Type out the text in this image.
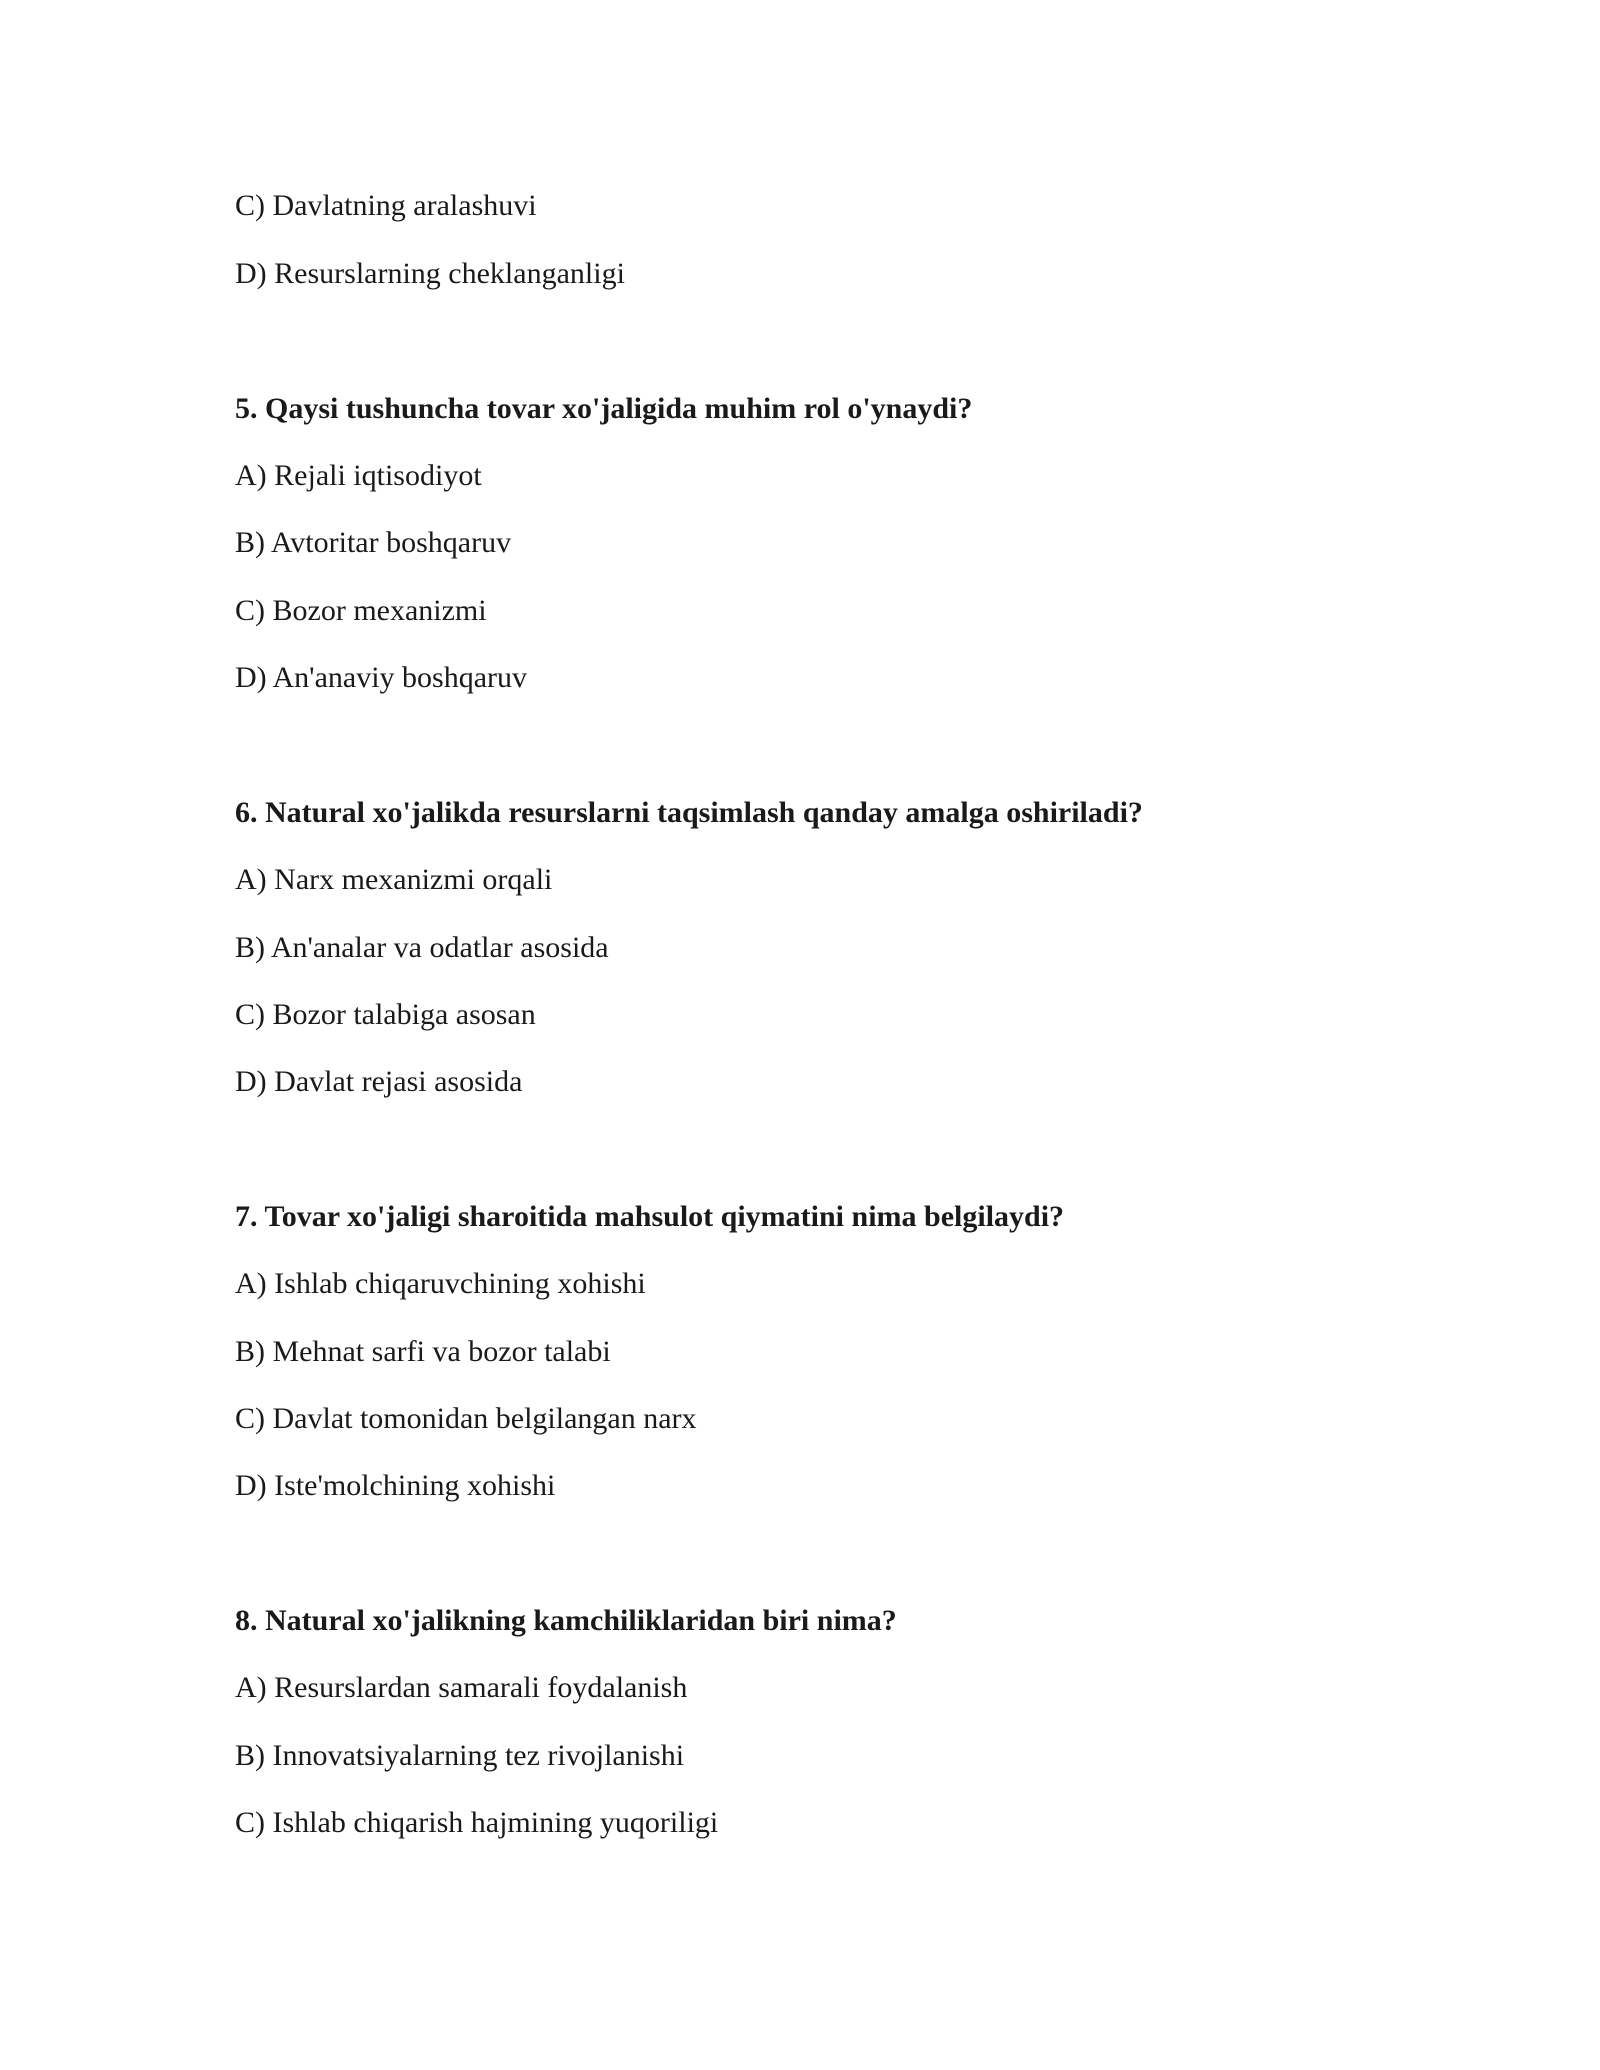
C) Davlatning aralashuvi
D) Resurslarning cheklanganligi
5. Qaysi tushuncha tovar xo'jaligida muhim rol o'ynaydi?
A) Rejali iqtisodiyot
B) Avtoritar boshqaruv
C) Bozor mexanizmi
D) An'anaviy boshqaruv
6. Natural xo'jalikda resurslarni taqsimlash qanday amalga oshiriladi?
A) Narx mexanizmi orqali
B) An'analar va odatlar asosida
C) Bozor talabiga asosan
D) Davlat rejasi asosida
7. Tovar xo'jaligi sharoitida mahsulot qiymatini nima belgilaydi?
A) Ishlab chiqaruvchining xohishi
B) Mehnat sarfi va bozor talabi
C) Davlat tomonidan belgilangan narx
D) Iste'molchining xohishi
8. Natural xo'jalikning kamchiliklaridan biri nima?
A) Resurslardan samarali foydalanish
B) Innovatsiyalarning tez rivojlanishi
C) Ishlab chiqarish hajmining yuqoriligi
